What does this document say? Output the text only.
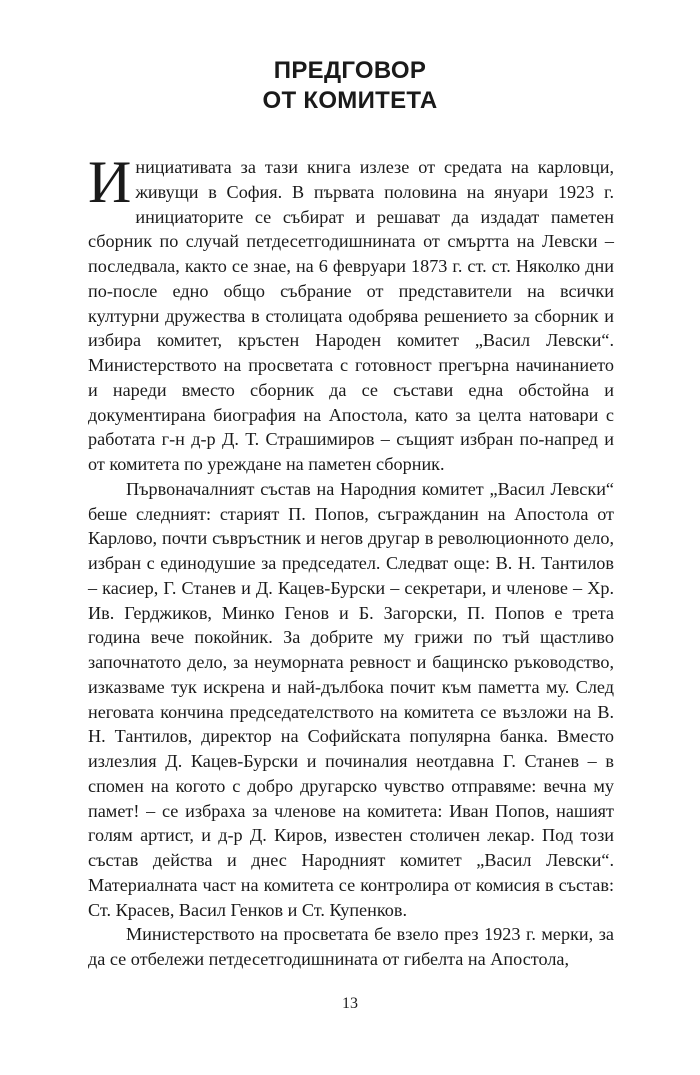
ПРЕДГОВОР
ОТ КОМИТЕТА

Инициативата за тази книга излезе от средата на карловци, живущи в София. В първата половина на януари 1923 г. инициаторите се събират и решават да издадат паметен сборник по случай петдесетгодишнината от смъртта на Левски – последвала, както се знае, на 6 февруари 1873 г. ст. ст. Няколко дни по-после едно общо събрание от представители на всички културни дружества в столицата одобрява решението за сборник и избира комитет, кръстен Народен комитет „Васил Левски“. Министерството на просветата с готовност прегърна начинанието и нареди вместо сборник да се състави една обстойна и документирана биография на Апостола, като за целта натовари с работата г-н д-р Д. Т. Страшимиров – същият избран по-напред и от комитета по уреждане на паметен сборник.

Първоначалният състав на Народния комитет „Васил Левски“ беше следният: старият П. Попов, съгражданин на Апостола от Карлово, почти съвръстник и негов другар в революционното дело, избран с единодушие за председател. Следват още: В. Н. Тантилов – касиер, Г. Станев и Д. Кацев-Бурски – секретари, и членове – Хр. Ив. Герджиков, Минко Генов и Б. Загорски, П. Попов е трета година вече покойник. За добрите му грижи по тъй щастливо започнатото дело, за неуморната ревност и бащинско ръководство, изказваме тук искрена и най-дълбока почит към паметта му. След неговата кончина председателството на комитета се възложи на В. Н. Тантилов, директор на Софийската популярна банка. Вместо излезлия Д. Кацев-Бурски и починалия неотдавна Г. Станев – в спомен на когото с добро другарско чувство отправяме: вечна му памет! – се избраха за членове на комитета: Иван Попов, нашият голям артист, и д-р Д. Киров, известен столичен лекар. Под този състав действа и днес Народният комитет „Васил Левски“. Материалната част на комитета се контролира от комисия в състав: Ст. Красев, Васил Генков и Ст. Купенков.

Министерството на просветата бе взело през 1923 г. мерки, за да се отбележи петдесетгодишнината от гибелта на Апостола,

13
